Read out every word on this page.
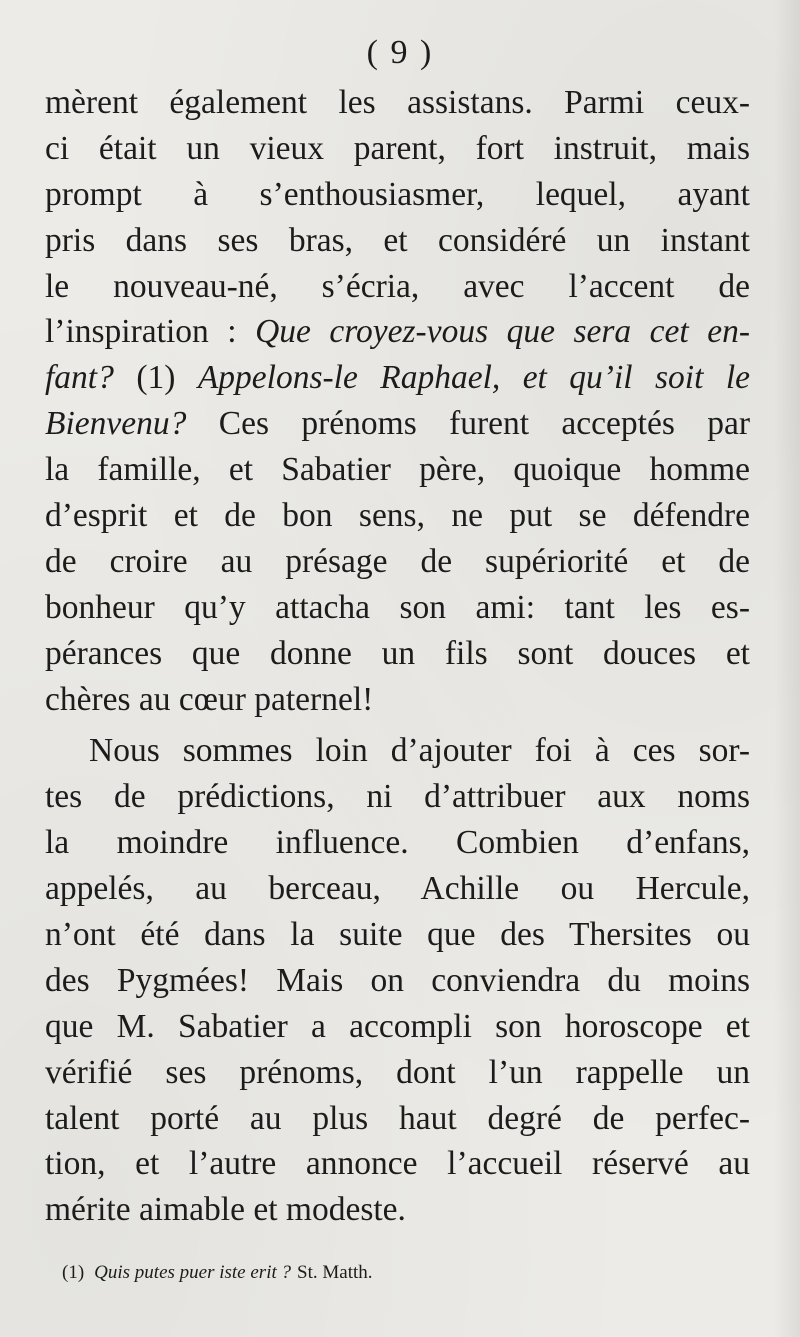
( 9 )
mèrent également les assistans. Parmi ceux-
ci était un vieux parent, fort instruit, mais
prompt à s’enthousiasmer, lequel, ayant
pris dans ses bras, et considéré un instant
le nouveau-né, s’écria, avec l’accent de
l’inspiration : Que croyez-vous que sera cet en-
fant? (1) Appelons-le Raphael, et qu’il soit le
Bienvenu? Ces prénoms furent acceptés par
la famille, et Sabatier père, quoique homme
d’esprit et de bon sens, ne put se défendre
de croire au présage de supériorité et de
bonheur qu’y attacha son ami: tant les es-
pérances que donne un fils sont douces et
chères au cœur paternel!
Nous sommes loin d’ajouter foi à ces sor-
tes de prédictions, ni d’attribuer aux noms
la moindre influence. Combien d’enfans,
appelés, au berceau, Achille ou Hercule,
n’ont été dans la suite que des Thersites ou
des Pygmées! Mais on conviendra du moins
que M. Sabatier a accompli son horoscope et
vérifié ses prénoms, dont l’un rappelle un
talent porté au plus haut degré de perfec-
tion, et l’autre annonce l’accueil réservé au
mérite aimable et modeste.
(1) Quis putes puer iste erit ? St. Matth.
